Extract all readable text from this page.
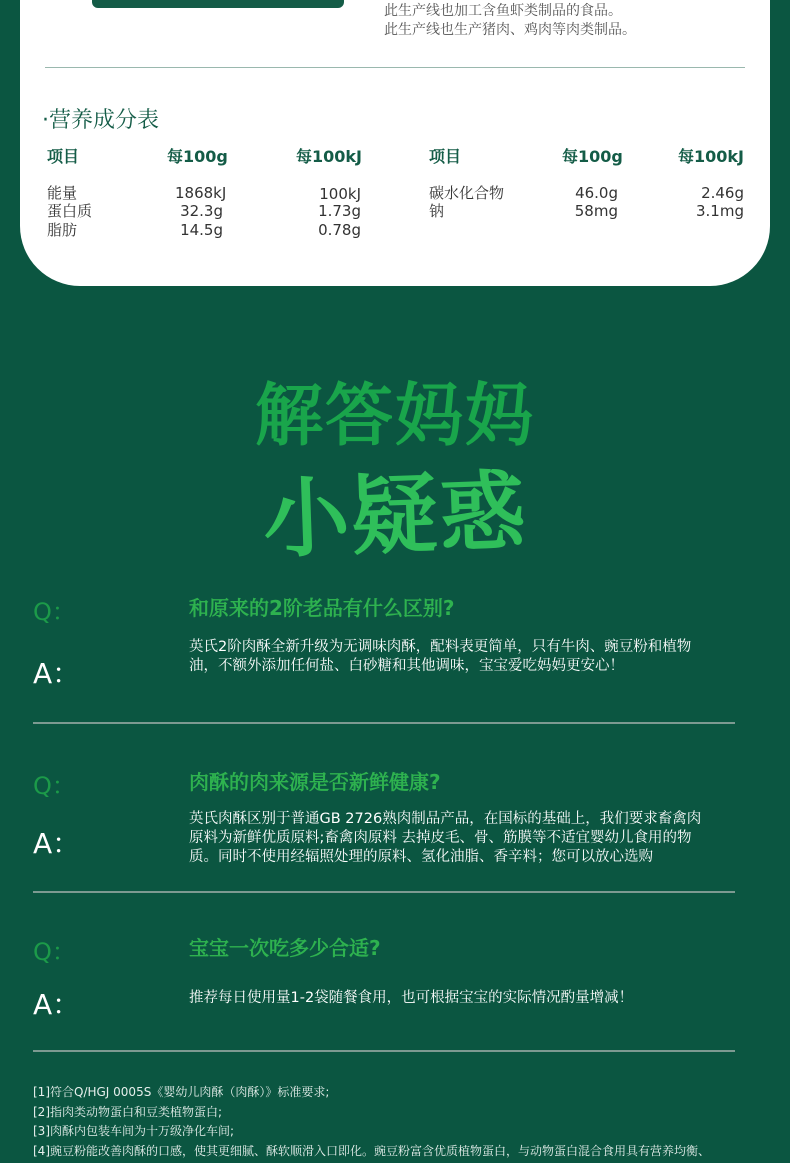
此生产线也加工含鱼虾类制品的食品。
此生产线也生产猪肉、鸡肉等肉类制品。
·营养成分表
项目	每100g	每100kJ	项目	每100g	每100kJ
能量	1868kJ	100kJ
蛋白质	32.3g	1.73g
脂肪	14.5g	0.78g
碳水化合物	46.0g	2.46g
钠	58mg	3.1mg
解答妈妈
小疑惑
Q：	和原来的2阶老品有什么区别?
A：
英氏2阶肉酥全新升级为无调味肉酥，配料表更简单，只有牛肉、豌豆粉和植物
油，不额外添加任何盐、白砂糖和其他调味，宝宝爱吃妈妈更安心！
Q：	肉酥的肉来源是否新鲜健康?
A：
英氏肉酥区别于普通GB 2726熟肉制品产品，在国标的基础上，我们要求畜禽肉
原料为新鲜优质原料;畜禽肉原料 去掉皮毛、骨、筋膜等不适宜婴幼儿食用的物
质。同时不使用经辐照处理的原料、氢化油脂、香辛料；您可以放心选购
Q：	宝宝一次吃多少合适?
A：	推荐每日使用量1-2袋随餐食用，也可根据宝宝的实际情况酌量增减！
[1]符合Q/HGJ 0005S《婴幼儿肉酥（肉酥）》标准要求;
[2]指肉类动物蛋白和豆类植物蛋白;
[3]肉酥内包装车间为十万级净化车间;
[4]豌豆粉能改善肉酥的口感，使其更细腻、酥软顺滑入口即化。豌豆粉富含优质植物蛋白，与动物蛋白混合食用具有营养均衡、
